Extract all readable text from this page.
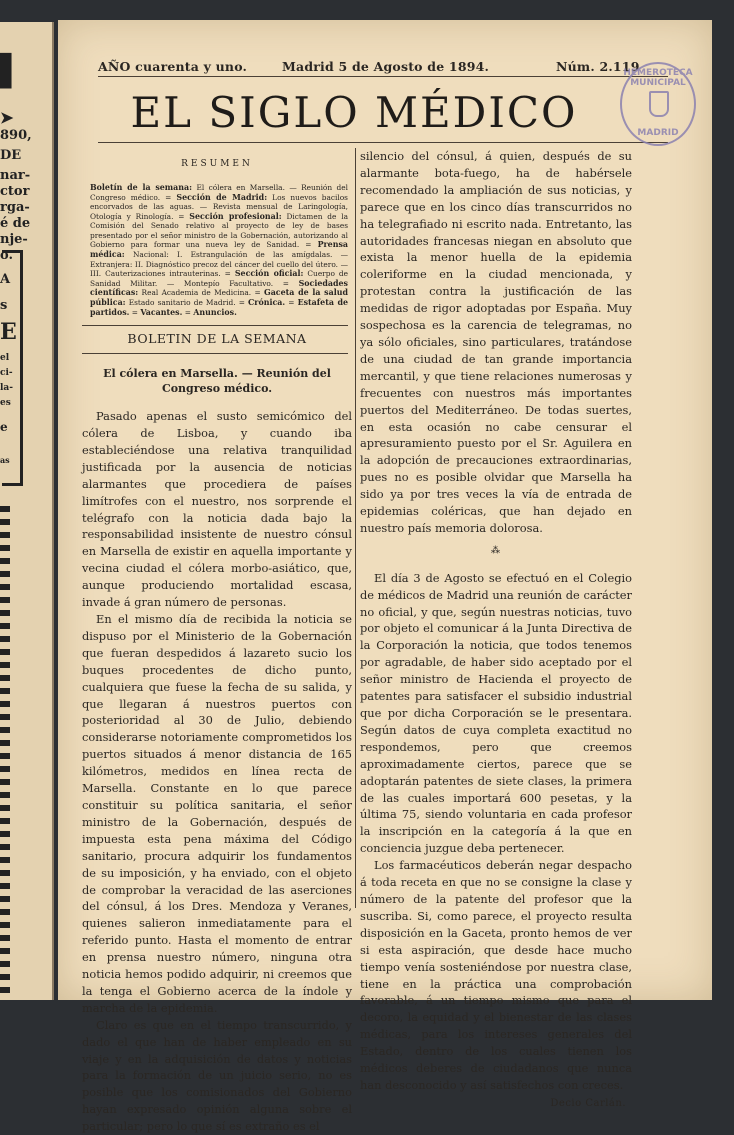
▌
➤
890,
DE
nar-
ctor
rga-
é de
nje-
o.
A
s
E
el
ci-
la-
es
e
as
AÑO cuarenta y uno.	Madrid 5 de Agosto de 1894.	Núm. 2.119
EL SIGLO MÉDICO
HEMEROTECA MUNICIPAL
MADRID
RESUMEN
Boletín de la semana: El cólera en Marsella. — Reunión del Congreso médico. = Sección de Madrid: Los nuevos bacilos encorvados de las aguas. — Revista mensual de Laringología, Otología y Rinología. = Sección profesional: Dictamen de la Comisión del Senado relativo al proyecto de ley de bases presentado por el señor ministro de la Gobernación, autorizando al Gobierno para formar una nueva ley de Sanidad. = Prensa médica: Nacional: I. Estrangulación de las amígdalas. — Extranjera: II. Diagnóstico precoz del cáncer del cuello del útero. — III. Cauterizaciones intrauterinas. = Sección oficial: Cuerpo de Sanidad Militar. — Montepío Facultativo. = Sociedades científicas: Real Academia de Medicina. = Gaceta de la salud pública: Estado sanitario de Madrid. = Crónica. = Estafeta de partidos. = Vacantes. = Anuncios.
BOLETIN DE LA SEMANA
El cólera en Marsella. — Reunión del Congreso médico.

Pasado apenas el susto semicómico del cólera de Lisboa, y cuando iba estableciéndose una relativa tranquilidad justificada por la ausencia de noticias alarmantes que procediera de países limítrofes con el nuestro, nos sorprende el telégrafo con la noticia dada bajo la responsabilidad insistente de nuestro cónsul en Marsella de existir en aquella importante y vecina ciudad el cólera morbo-asiático, que, aunque produciendo mortalidad escasa, invade á gran número de personas.

En el mismo día de recibida la noticia se dispuso por el Ministerio de la Gobernación que fueran despedidos á lazareto sucio los buques procedentes de dicho punto, cualquiera que fuese la fecha de su salida, y que llegaran á nuestros puertos con posterioridad al 30 de Julio, debiendo considerarse notoriamente comprometidos los puertos situados á menor distancia de 165 kilómetros, medidos en línea recta de Marsella. Constante en lo que parece constituir su política sanitaria, el señor ministro de la Gobernación, después de impuesta esta pena máxima del Código sanitario, procura adquirir los fundamentos de su imposición, y ha enviado, con el objeto de comprobar la veracidad de las aserciones del cónsul, á los Dres. Mendoza y Veranes, quienes salieron inmediatamente para el referido punto. Hasta el momento de entrar en prensa nuestro número, ninguna otra noticia hemos podido adquirir, ni creemos que la tenga el Gobierno acerca de la índole y marcha de la epidemia.

Claro es que en el tiempo transcurrido, y dado el que han de haber empleado en su viaje y en la adquisición de datos y noticias para la formación de un juicio serio, no es posible que los comisionados del Gobierno hayan expresado opinión alguna sobre el particular; pero lo que sí es extraño es el

silencio del cónsul, á quien, después de su alarmante bota-fuego, ha de habérsele recomendado la ampliación de sus noticias, y parece que en los cinco días transcurridos no ha telegrafiado ni escrito nada. Entretanto, las autoridades francesas niegan en absoluto que exista la menor huella de la epidemia coleriforme en la ciudad mencionada, y protestan contra la justificación de las medidas de rigor adoptadas por España. Muy sospechosa es la carencia de telegramas, no ya sólo oficiales, sino particulares, tratándose de una ciudad de tan grande importancia mercantil, y que tiene relaciones numerosas y frecuentes con nuestros más importantes puertos del Mediterráneo. De todas suertes, en esta ocasión no cabe censurar el apresuramiento puesto por el Sr. Aguilera en la adopción de precauciones extraordinarias, pues no es posible olvidar que Marsella ha sido ya por tres veces la vía de entrada de epidemias coléricas, que han dejado en nuestro país memoria dolorosa.

⁂

El día 3 de Agosto se efectuó en el Colegio de médicos de Madrid una reunión de carácter no oficial, y que, según nuestras noticias, tuvo por objeto el comunicar á la Junta Directiva de la Corporación la noticia, que todos tenemos por agradable, de haber sido aceptado por el señor ministro de Hacienda el proyecto de patentes para satisfacer el subsidio industrial que por dicha Corporación se le presentara. Según datos de cuya completa exactitud no respondemos, pero que creemos aproximadamente ciertos, parece que se adoptarán patentes de siete clases, la primera de las cuales importará 600 pesetas, y la última 75, siendo voluntaria en cada profesor la inscripción en la categoría á la que en conciencia juzgue deba pertenecer.

Los farmacéuticos deberán negar despacho á toda receta en que no se consigne la clase y número de la patente del profesor que la suscriba. Si, como parece, el proyecto resulta disposición en la Gaceta, pronto hemos de ver si esta aspiración, que desde hace mucho tiempo venía sosteniéndose por nuestra clase, tiene en la práctica una comprobación favorable, á un tiempo mismo que para el decoro, la equidad y el bienestar de las clases médicas, para los intereses generales del Estado, dentro de los cuales tienen los médicos deberes de ciudadanos que nunca han desconocido y así satisfechos con creces.

Decio Carlán.
